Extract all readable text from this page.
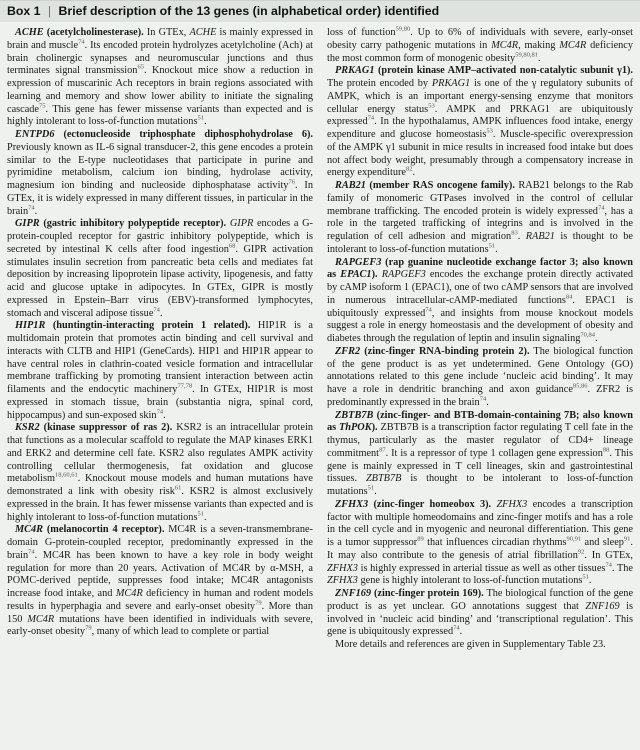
Box 1 | Brief description of the 13 genes (in alphabetical order) identified

ACHE (acetylcholinesterase). In GTEx, ACHE is mainly expressed in brain and muscle$^{74}$. Its encoded protein hydrolyzes acetylcholine (Ach) at brain cholinergic synapses and neuromuscular junctions and thus terminates signal transmission$^{65}$. Knockout mice show a reduction in expression of muscarinic Ach receptors in brain regions associated with learning and memory and show lower ability to initiate the signaling cascade$^{75}$. This gene has fewer missense variants than expected and is highly intolerant to loss-of-function mutations$^{51}$.

ENTPD6 (ectonucleoside triphosphate diphosphohydrolase 6). Previously known as IL-6 signal transducer-2, this gene encodes a protein similar to the E-type nucleotidases that participate in purine and pyrimidine metabolism, calcium ion binding, hydrolase activity, magnesium ion binding and nucleoside diphosphatase activity$^{76}$. In GTEx, it is widely expressed in many different tissues, in particular in the brain$^{74}$.

GIPR (gastric inhibitory polypeptide receptor). GIPR encodes a G-protein-coupled receptor for gastric inhibitory polypeptide, which is secreted by intestinal K cells after food ingestion$^{68}$. GIPR activation stimulates insulin secretion from pancreatic beta cells and mediates fat deposition by increasing lipoprotein lipase activity, lipogenesis, and fatty acid and glucose uptake in adipocytes. In GTEx, GIPR is mostly expressed in Epstein–Barr virus (EBV)-transformed lymphocytes, stomach and visceral adipose tissue$^{74}$.

HIP1R (huntingtin-interacting protein 1 related). HIP1R is a multidomain protein that promotes actin binding and cell survival and interacts with CLTB and HIP1 (GeneCards). HIP1 and HIP1R appear to have central roles in clathrin-coated vesicle formation and intracellular membrane trafficking by promoting transient interaction between actin filaments and the endocytic machinery$^{77,78}$. In GTEx, HIP1R is most expressed in stomach tissue, brain (substantia nigra, spinal cord, hippocampus) and sun-exposed skin$^{74}$.

KSR2 (kinase suppressor of ras 2). KSR2 is an intracellular protein that functions as a molecular scaffold to regulate the MAP kinases ERK1 and ERK2 and determine cell fate. KSR2 also regulates AMPK activity controlling cellular thermogenesis, fat oxidation and glucose metabolism$^{18,60,61}$. Knockout mouse models and human mutations have demonstrated a link with obesity risk$^{61}$. KSR2 is almost exclusively expressed in the brain. It has fewer missense variants than expected and is highly intolerant to loss-of-function mutations$^{51}$.

MC4R (melanocortin 4 receptor). MC4R is a seven-transmembrane-domain G-protein-coupled receptor, predominantly expressed in the brain$^{74}$. MC4R has been known to have a key role in body weight regulation for more than 20 years. Activation of MC4R by α-MSH, a POMC-derived peptide, suppresses food intake; MC4R antagonists increase food intake, and MC4R deficiency in human and rodent models results in hyperphagia and severe and early-onset obesity$^{79}$. More than 150 MC4R mutations have been identified in individuals with severe, early-onset obesity$^{79}$, many of which lead to complete or partial

loss of function$^{59,80}$. Up to 6% of individuals with severe, early-onset obesity carry pathogenic mutations in MC4R, making MC4R deficiency the most common form of monogenic obesity$^{59,80,81}$.

PRKAG1 (protein kinase AMP–activated non-catalytic subunit γ1). The protein encoded by PRKAG1 is one of the γ regulatory subunits of AMPK, which is an important energy-sensing enzyme that monitors cellular energy status$^{53}$. AMPK and PRKAG1 are ubiquitously expressed$^{74}$. In the hypothalamus, AMPK influences food intake, energy expenditure and glucose homeostasis$^{53}$. Muscle-specific overexpression of the AMPK γ1 subunit in mice results in increased food intake but does not affect body weight, presumably through a compensatory increase in energy expenditure$^{82}$.

RAB21 (member RAS oncogene family). RAB21 belongs to the Rab family of monomeric GTPases involved in the control of cellular membrane trafficking. The encoded protein is widely expressed$^{74}$, has a role in the targeted trafficking of integrins and is involved in the regulation of cell adhesion and migration$^{83}$. RAB21 is thought to be intolerant to loss-of-function mutations$^{51}$.

RAPGEF3 (rap guanine nucleotide exchange factor 3; also known as EPAC1). RAPGEF3 encodes the exchange protein directly activated by cAMP isoform 1 (EPAC1), one of two cAMP sensors that are involved in numerous intracellular-cAMP-mediated functions$^{84}$. EPAC1 is ubiquitously expressed$^{74}$, and insights from mouse knockout models suggest a role in energy homeostasis and the development of obesity and diabetes through the regulation of leptin and insulin signaling$^{70,84}$.

ZFR2 (zinc-finger RNA-binding protein 2). The biological function of the gene product is as yet undetermined. Gene Ontology (GO) annotations related to this gene include ‘nucleic acid binding’. It may have a role in dendritic branching and axon guidance$^{85,86}$. ZFR2 is predominantly expressed in the brain$^{74}$.

ZBTB7B (zinc-finger- and BTB-domain-containing 7B; also known as ThPOK). ZBTB7B is a transcription factor regulating T cell fate in the thymus, particularly as the master regulator of CD4+ lineage commitment$^{87}$. It is a repressor of type 1 collagen gene expression$^{88}$. This gene is mainly expressed in T cell lineages, skin and gastrointestinal tissues. ZBTB7B is thought to be intolerant to loss-of-function mutations$^{51}$.

ZFHX3 (zinc-finger homeobox 3). ZFHX3 encodes a transcription factor with multiple homeodomains and zinc-finger motifs and has a role in the cell cycle and in myogenic and neuronal differentiation. This gene is a tumor suppressor$^{89}$ that influences circadian rhythms$^{90,91}$ and sleep$^{91}$. It may also contribute to the genesis of atrial fibrillation$^{92}$. In GTEx, ZFHX3 is highly expressed in arterial tissue as well as other tissues$^{74}$. The ZFHX3 gene is highly intolerant to loss-of-function mutations$^{51}$.

ZNF169 (zinc-finger protein 169). The biological function of the gene product is as yet unclear. GO annotations suggest that ZNF169 is involved in ‘nucleic acid binding’ and ‘transcriptional regulation’. This gene is ubiquitously expressed$^{74}$.

More details and references are given in Supplementary Table 23.
